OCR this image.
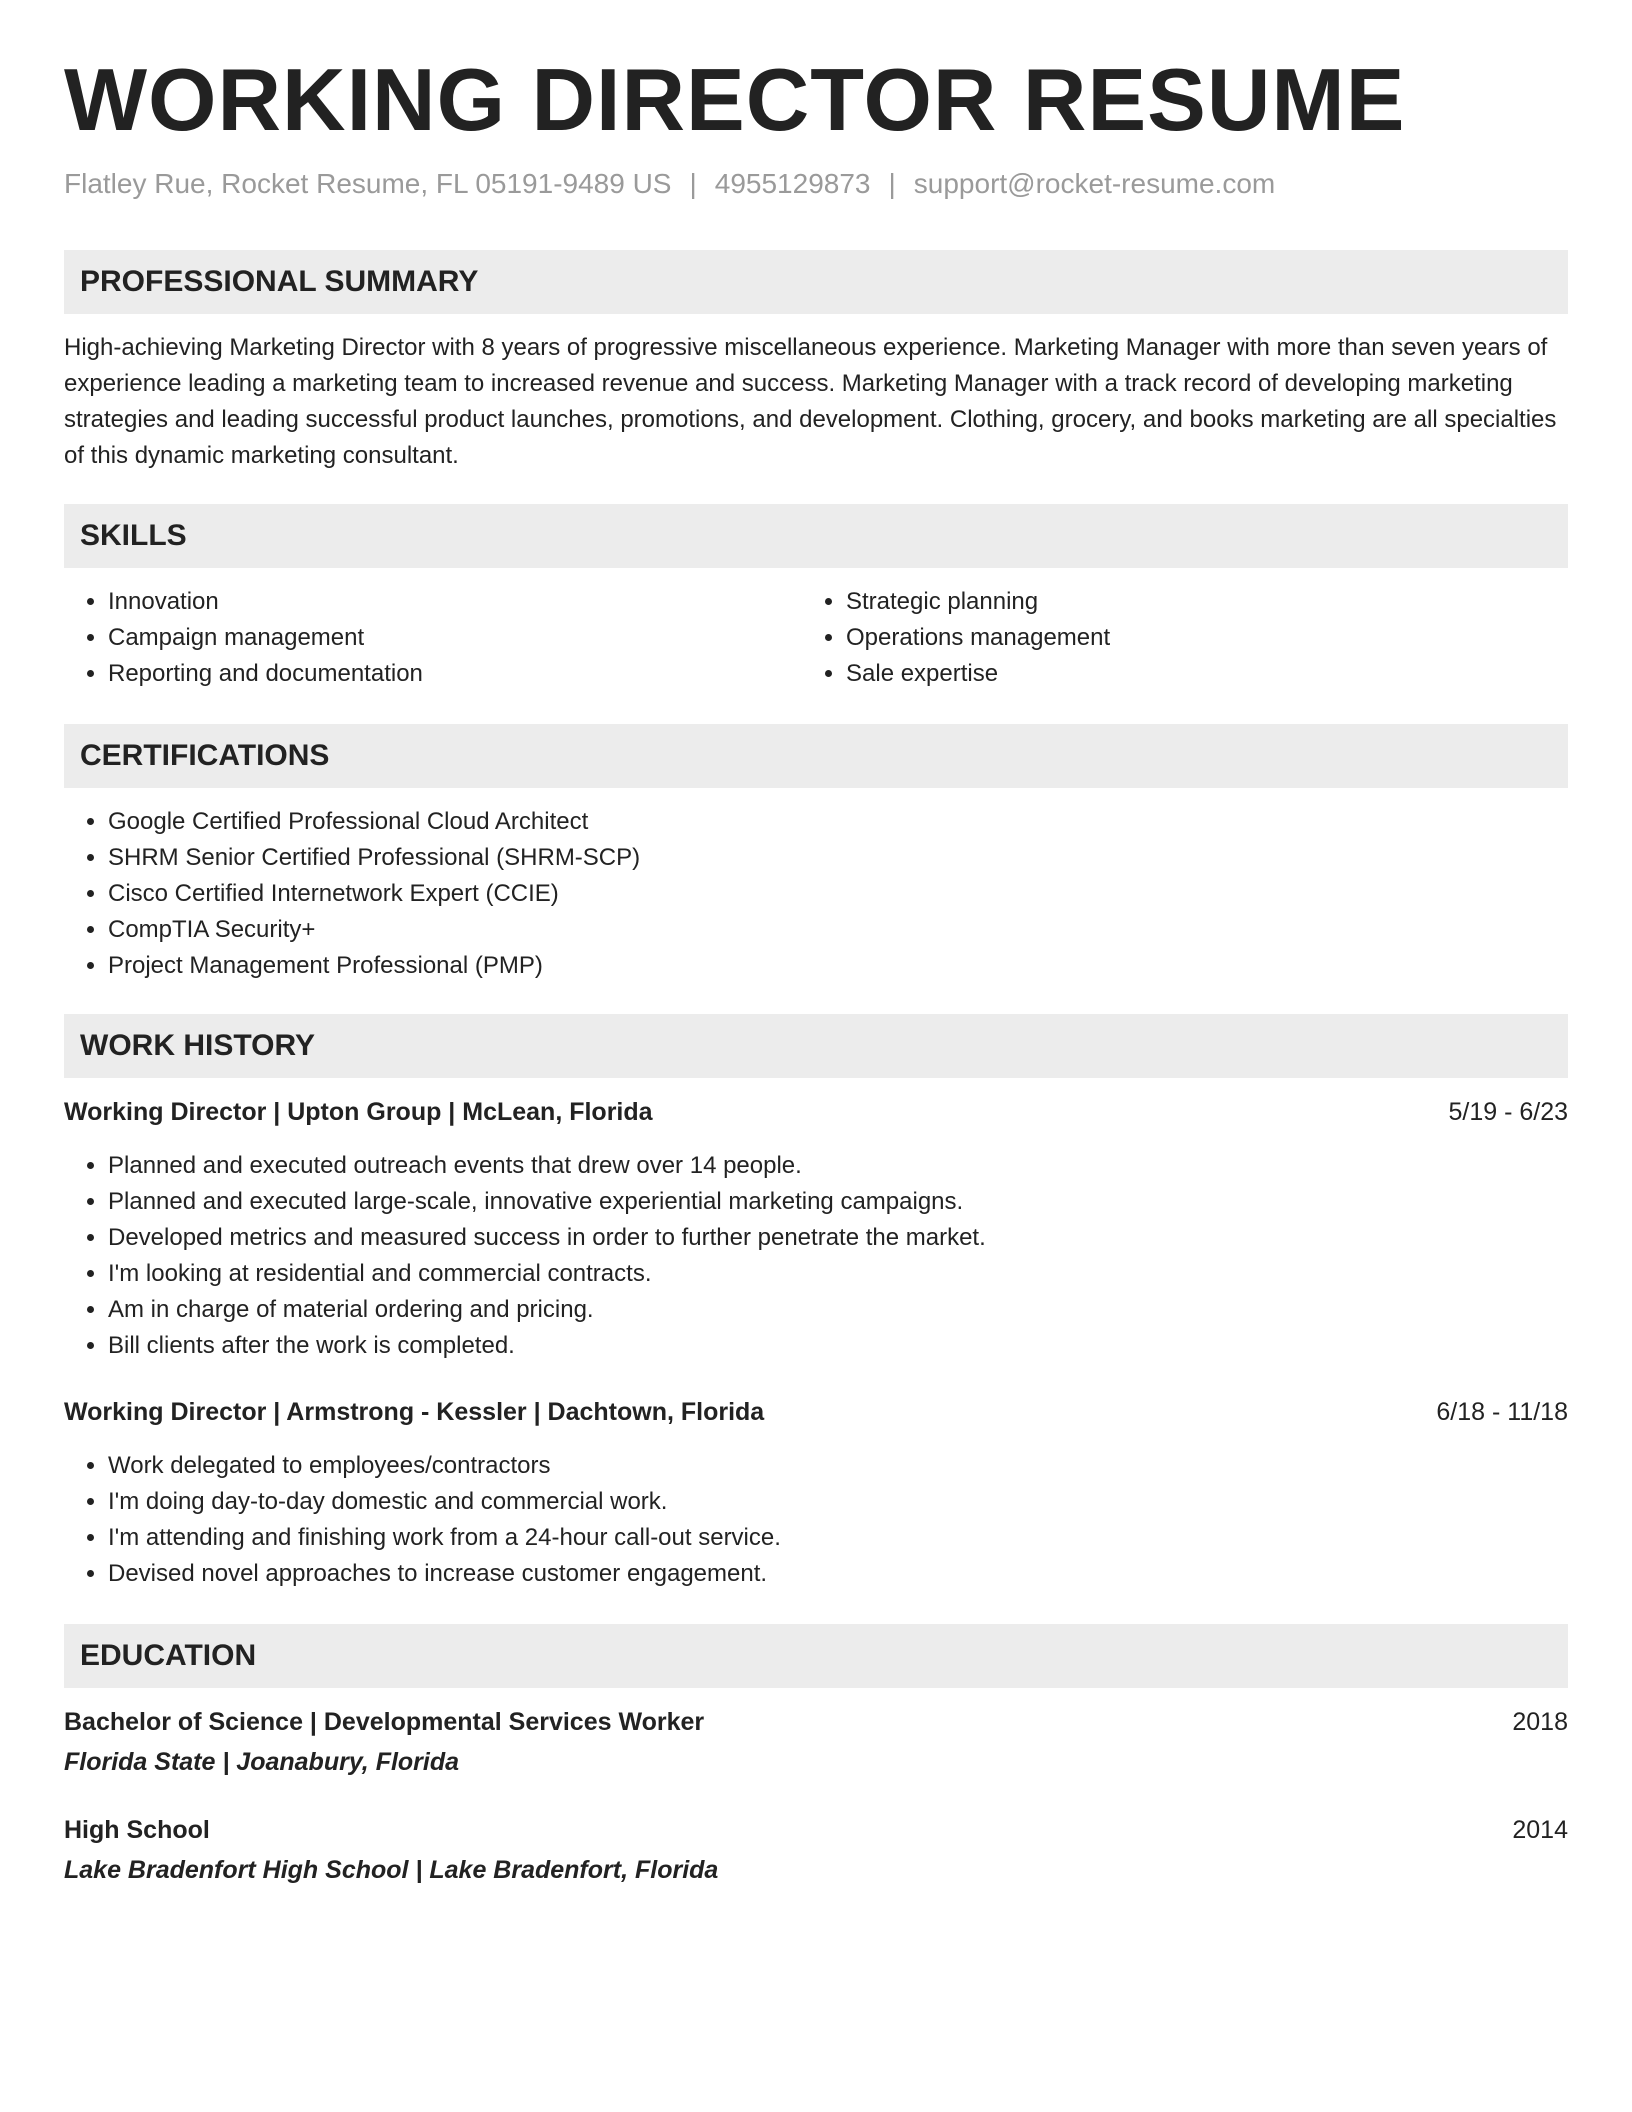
WORKING DIRECTOR RESUME
Flatley Rue, Rocket Resume, FL 05191-9489 US | 4955129873 | support@rocket-resume.com
PROFESSIONAL SUMMARY
High-achieving Marketing Director with 8 years of progressive miscellaneous experience. Marketing Manager with more than seven years of experience leading a marketing team to increased revenue and success. Marketing Manager with a track record of developing marketing strategies and leading successful product launches, promotions, and development. Clothing, grocery, and books marketing are all specialties of this dynamic marketing consultant.
SKILLS
• Innovation
• Campaign management
• Reporting and documentation
• Strategic planning
• Operations management
• Sale expertise
CERTIFICATIONS
• Google Certified Professional Cloud Architect
• SHRM Senior Certified Professional (SHRM-SCP)
• Cisco Certified Internetwork Expert (CCIE)
• CompTIA Security+
• Project Management Professional (PMP)
WORK HISTORY
Working Director | Upton Group | McLean, Florida	5/19 - 6/23
• Planned and executed outreach events that drew over 14 people.
• Planned and executed large-scale, innovative experiential marketing campaigns.
• Developed metrics and measured success in order to further penetrate the market.
• I'm looking at residential and commercial contracts.
• Am in charge of material ordering and pricing.
• Bill clients after the work is completed.
Working Director | Armstrong - Kessler | Dachtown, Florida	6/18 - 11/18
• Work delegated to employees/contractors
• I'm doing day-to-day domestic and commercial work.
• I'm attending and finishing work from a 24-hour call-out service.
• Devised novel approaches to increase customer engagement.
EDUCATION
Bachelor of Science | Developmental Services Worker	2018
Florida State | Joanabury, Florida
High School	2014
Lake Bradenfort High School | Lake Bradenfort, Florida
